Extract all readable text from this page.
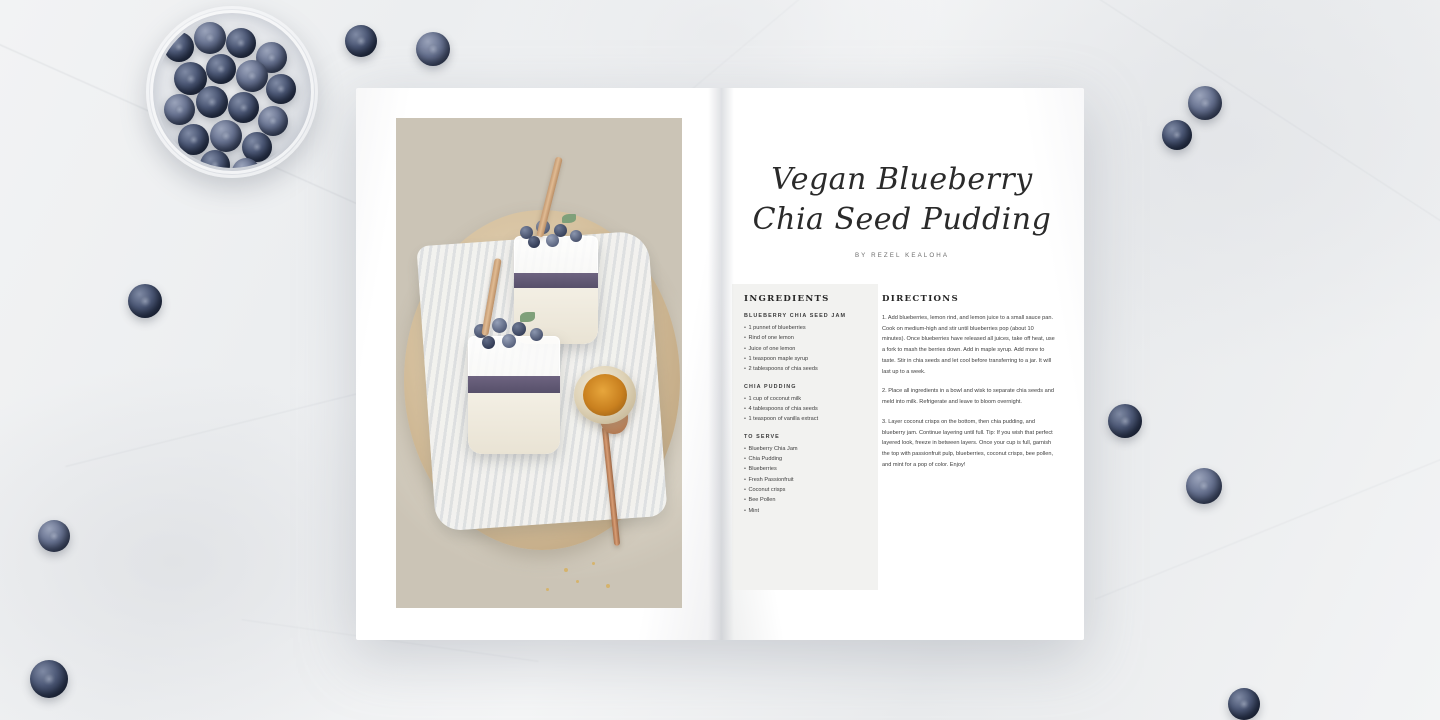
Vegan Blueberry
Chia Seed Pudding
BY REZEL KEALOHA
INGREDIENTS
BLUEBERRY CHIA SEED JAM
• 1 punnet of blueberries
• Rind of one lemon
• Juice of one lemon
• 1 teaspoon maple syrup
• 2 tablespoons of chia seeds
CHIA PUDDING
• 1 cup of coconut milk
• 4 tablespoons of chia seeds
• 1 teaspoon of vanilla extract
TO SERVE
• Blueberry Chia Jam
• Chia Pudding
• Blueberries
• Fresh Passionfruit
• Coconut crisps
• Bee Pollen
• Mint
DIRECTIONS

1. Add blueberries, lemon rind, and lemon juice to a small sauce pan. Cook on medium-high and stir until blueberries pop (about 10 minutes). Once blueberries have released all juices, take off heat, use a fork to mash the berries down. Add in maple syrup. Add more to taste. Stir in chia seeds and let cool before transferring to a jar. It will last up to a week.

2. Place all ingredients in a bowl and wisk to separate chia seeds and meld into milk. Refrigerate and leave to bloom overnight.

3. Layer coconut crisps on the bottom, then chia pudding, and blueberry jam. Continue layering until full. Tip: If you wish that perfect layered look, freeze in between layers. Once your cup is full, garnish the top with passionfruit pulp, blueberries, coconut crisps, bee pollen, and mint for a pop of color. Enjoy!
